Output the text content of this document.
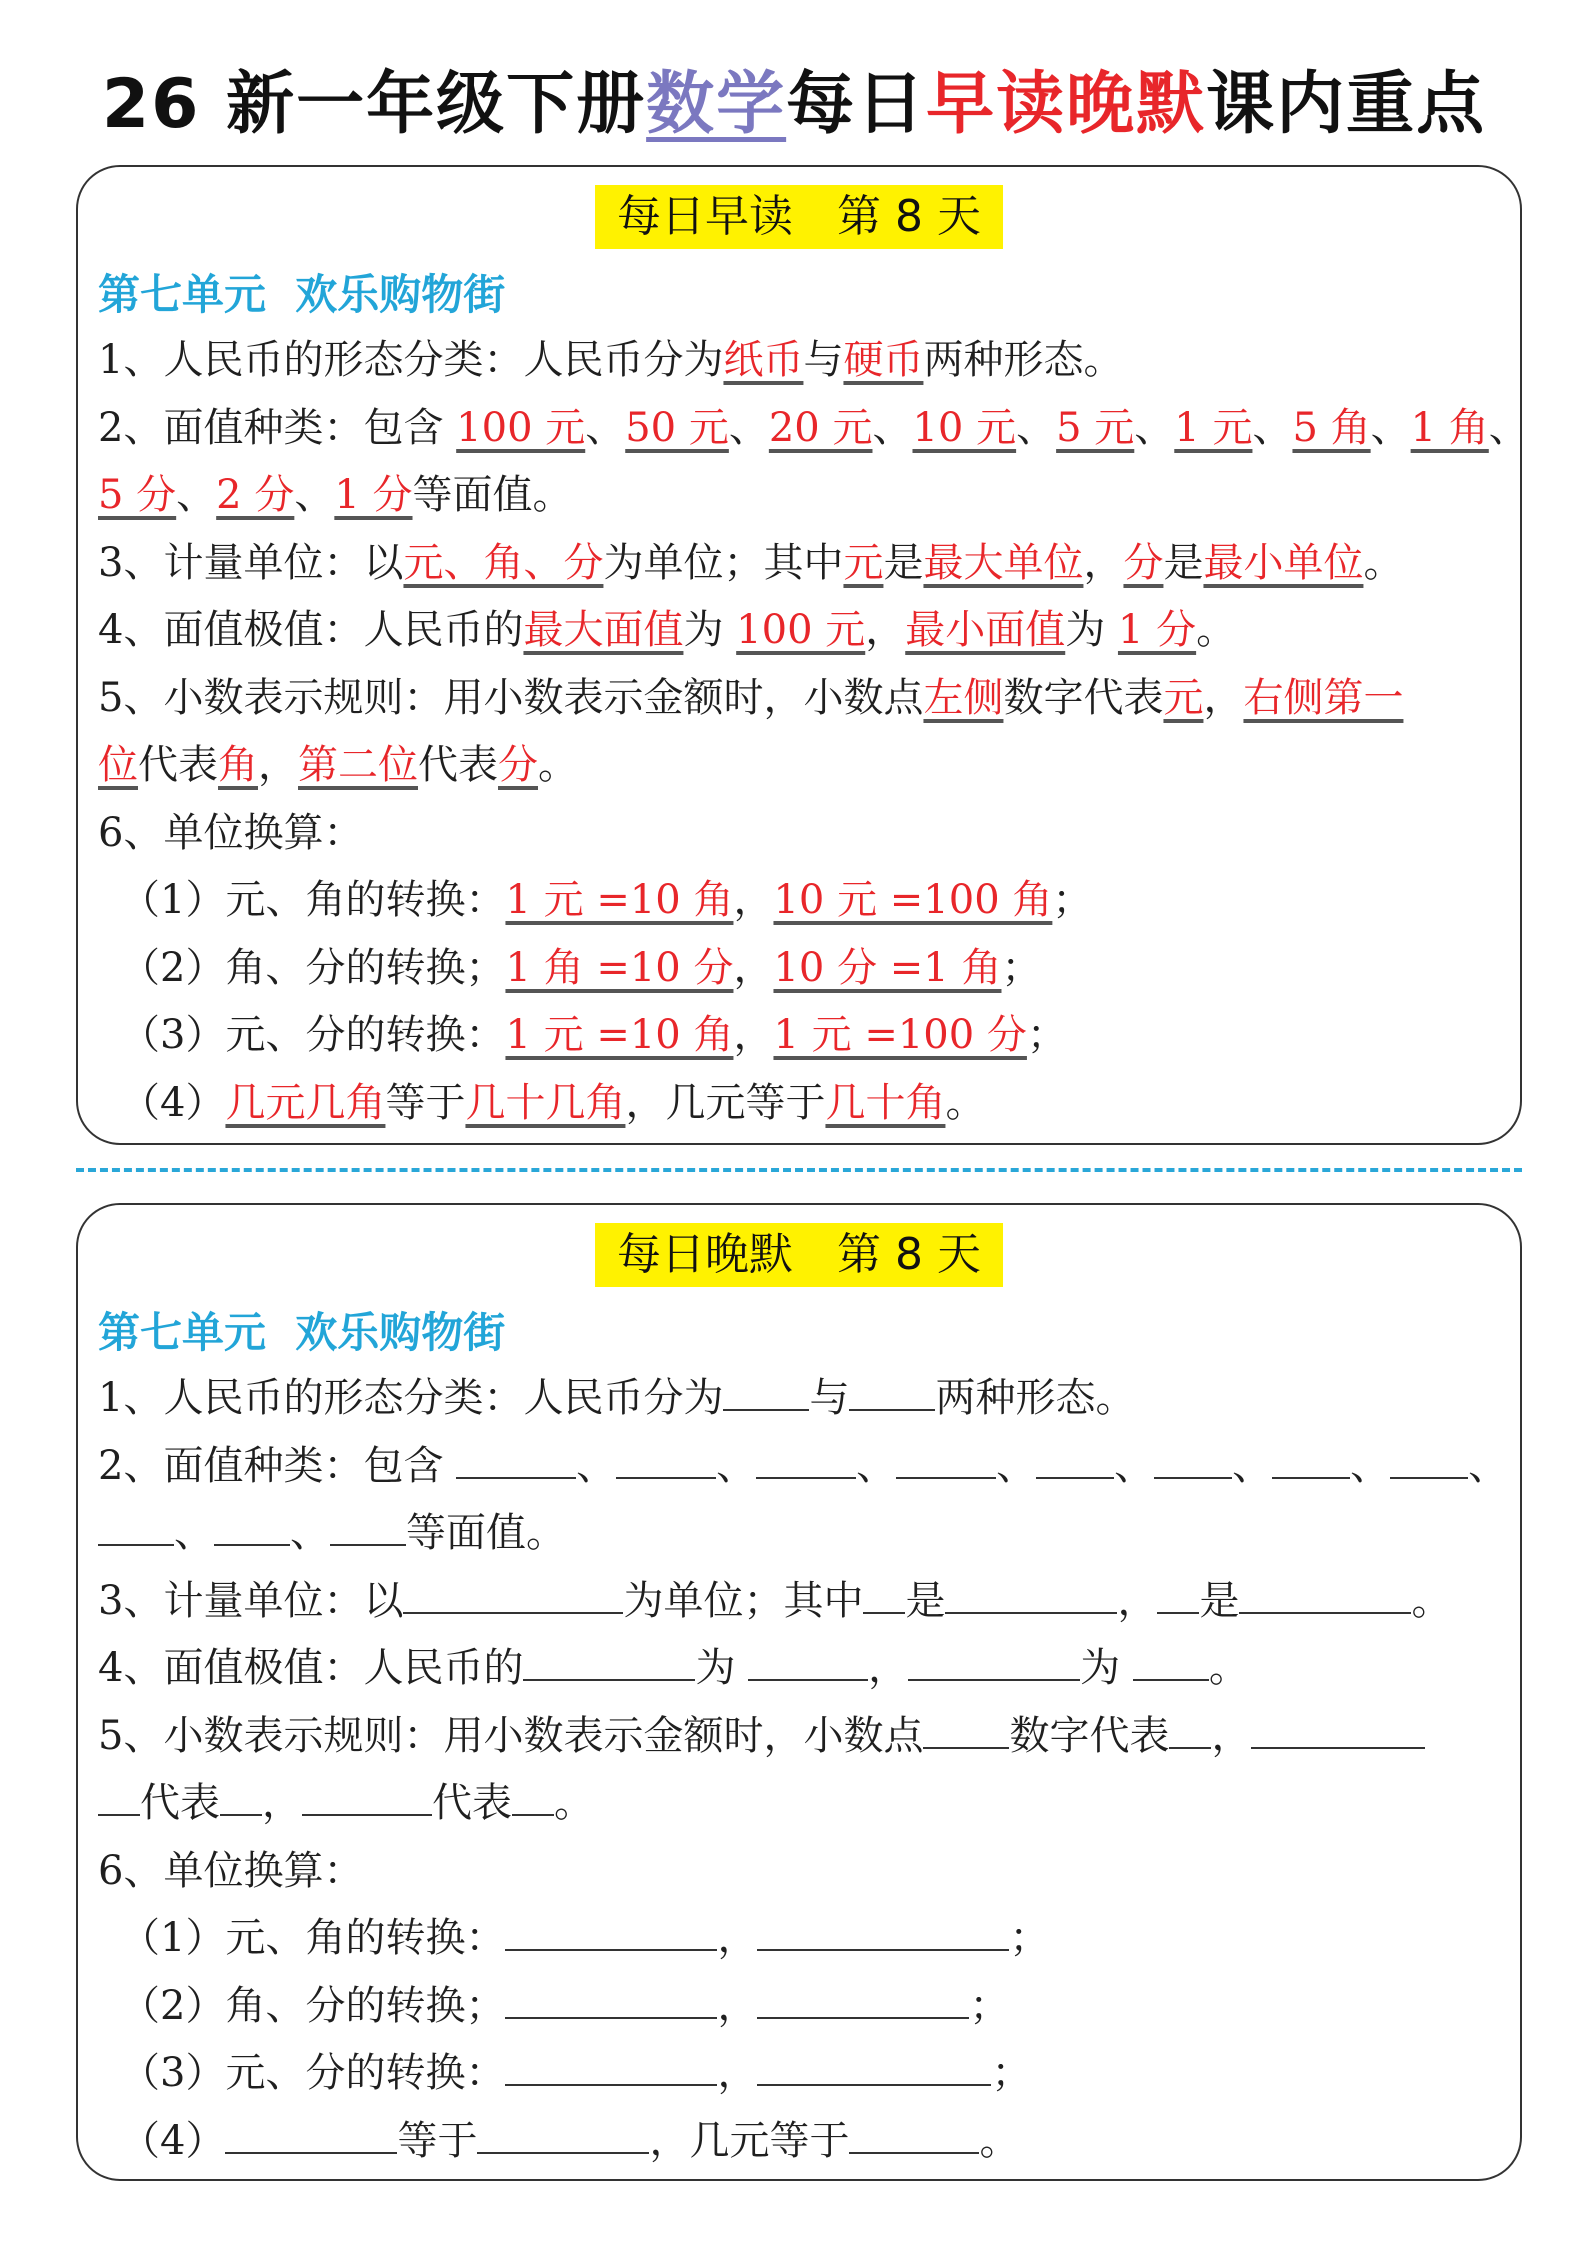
26 新一年级下册数学每日早读晚默课内重点
每日早读　第 8 天
第七单元  欢乐购物街
1、人民币的形态分类：人民币分为纸币与硬币两种形态。
2、面值种类：包含 100 元、50 元、20 元、10 元、5 元、1 元、5 角、1 角、
5 分、2 分、1 分等面值。
3、计量单位：以元、角、分为单位；其中元是最大单位，分是最小单位。
4、面值极值：人民币的最大面值为 100 元，最小面值为 1 分。
5、小数表示规则：用小数表示金额时，小数点左侧数字代表元，右侧第一
位代表角，第二位代表分。
6、单位换算：
（1）元、角的转换：1 元 =10 角，10 元 =100 角；
（2）角、分的转换；1 角 =10 分，10 分 =1 角；
（3）元、分的转换：1 元 =10 角，1 元 =100 分；
（4）几元几角等于几十几角，几元等于几十角。
每日晚默　第 8 天
第七单元  欢乐购物街
1、人民币的形态分类：人民币分为 与 两种形态。
2、面值种类：包含	、	、	、	、 、 、 、 、
、 、 等面值。
3、计量单位：以	为单位；其中 是	， 是	。
4、面值极值：人民币的	为	，	为 。
5、小数表示规则：用小数表示金额时，小数点 数字代表 ，
代表 ，	代表 。
6、单位换算：
（1）元、角的转换：	，	；
（2）角、分的转换；	，	；
（3）元、分的转换：	，	；
（4）	等于	，几元等于	。
